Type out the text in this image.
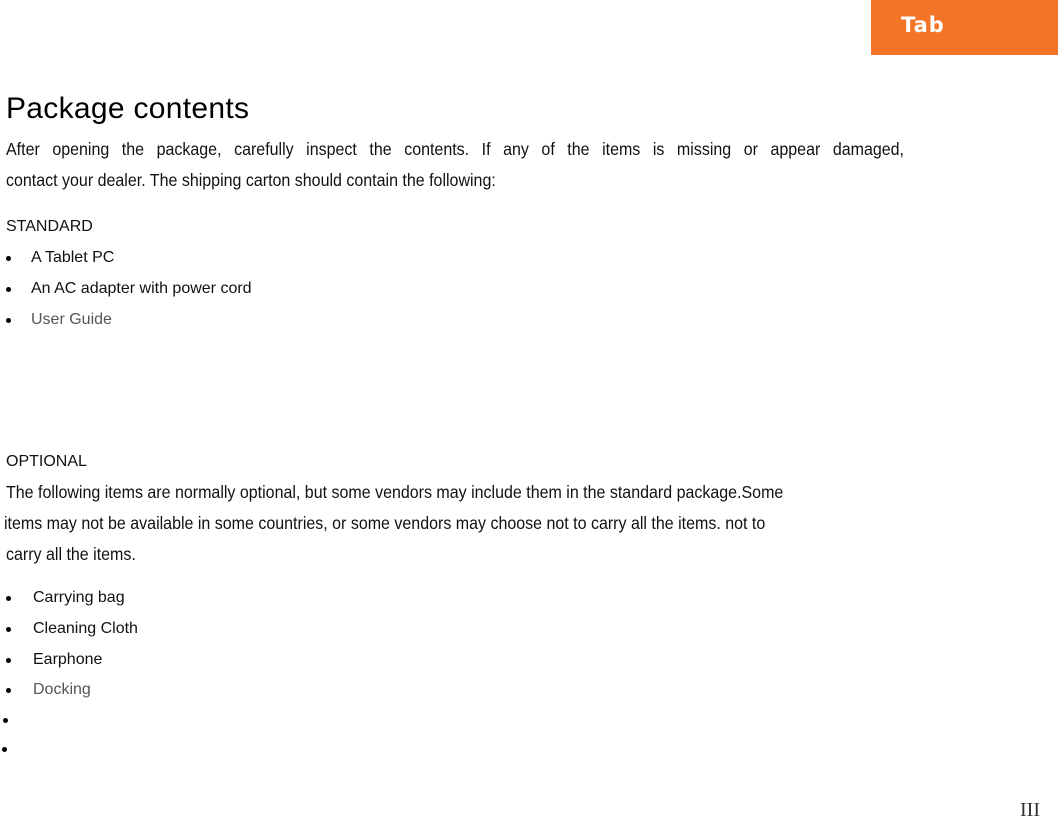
Tab
Package contents
After opening the package, carefully inspect the contents. If any of the items is missing or appear damaged,
contact your dealer. The shipping carton should contain the following:
STANDARD
A Tablet PC
An AC adapter with power cord
User Guide
OPTIONAL
The following items are normally optional, but some vendors may include them in the standard package.Some
items may not be available in some countries, or some vendors may choose not to carry all the items. not to
carry all the items.
Carrying bag
Cleaning Cloth
Earphone
Docking
III
